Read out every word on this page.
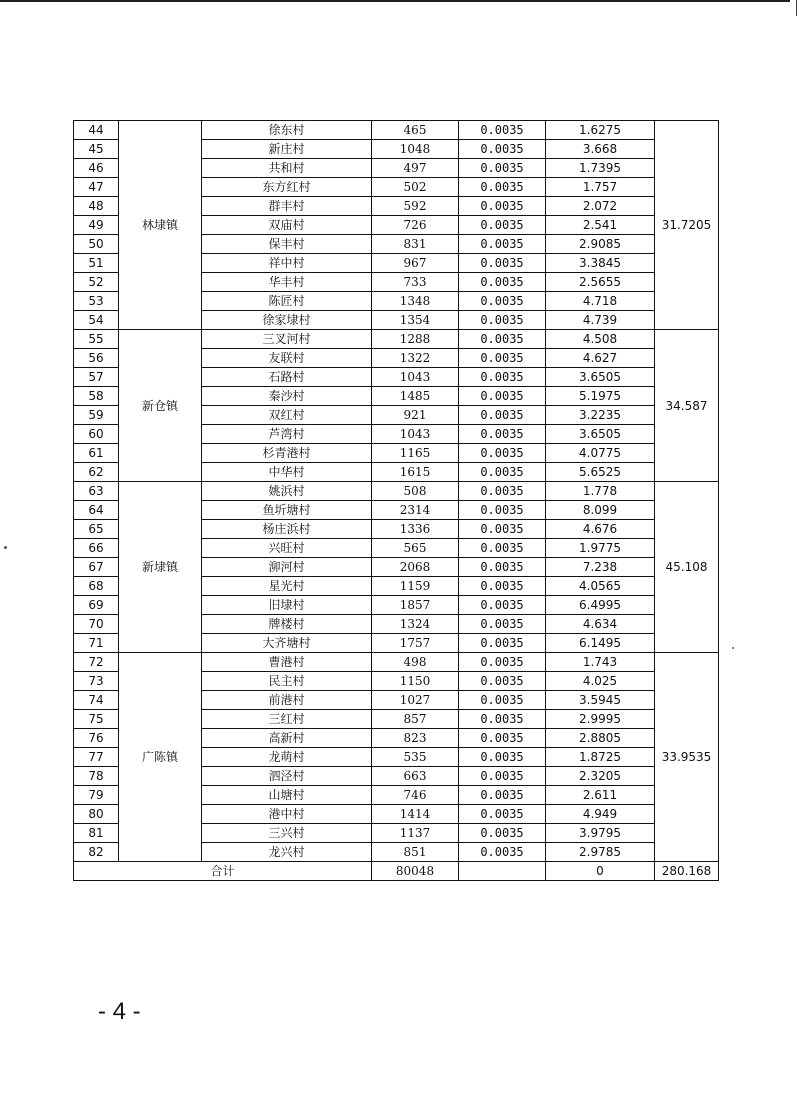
44	林埭镇	徐东村	465	0.0035	1.6275	31.7205
45		新庄村	1048	0.0035	3.668	
46		共和村	497	0.0035	1.7395	
47		东方红村	502	0.0035	1.757	
48		群丰村	592	0.0035	2.072	
49		双庙村	726	0.0035	2.541	
50		保丰村	831	0.0035	2.9085	
51		祥中村	967	0.0035	3.3845	
52		华丰村	733	0.0035	2.5655	
53		陈匠村	1348	0.0035	4.718	
54		徐家埭村	1354	0.0035	4.739	
55	新仓镇	三叉河村	1288	0.0035	4.508	34.587
56		友联村	1322	0.0035	4.627	
57		石路村	1043	0.0035	3.6505	
58		秦沙村	1485	0.0035	5.1975	
59		双红村	921	0.0035	3.2235	
60		芦湾村	1043	0.0035	3.6505	
61		杉青港村	1165	0.0035	4.0775	
62		中华村	1615	0.0035	5.6525	
63	新埭镇	姚浜村	508	0.0035	1.778	45.108
64		鱼圻塘村	2314	0.0035	8.099	
65		杨庄浜村	1336	0.0035	4.676	
66		兴旺村	565	0.0035	1.9775	
67		泖河村	2068	0.0035	7.238	
68		星光村	1159	0.0035	4.0565	
69		旧埭村	1857	0.0035	6.4995	
70		牌楼村	1324	0.0035	4.634	
71		大齐塘村	1757	0.0035	6.1495	
72	广陈镇	曹港村	498	0.0035	1.743	33.9535
73		民主村	1150	0.0035	4.025	
74		前港村	1027	0.0035	3.5945	
75		三红村	857	0.0035	2.9995	
76		高新村	823	0.0035	2.8805	
77		龙萌村	535	0.0035	1.8725	
78		泗泾村	663	0.0035	2.3205	
79		山塘村	746	0.0035	2.611	
80		港中村	1414	0.0035	4.949	
81		三兴村	1137	0.0035	3.9795	
82		龙兴村	851	0.0035	2.9785	
合计			80048		0	280.168
- 4 -
